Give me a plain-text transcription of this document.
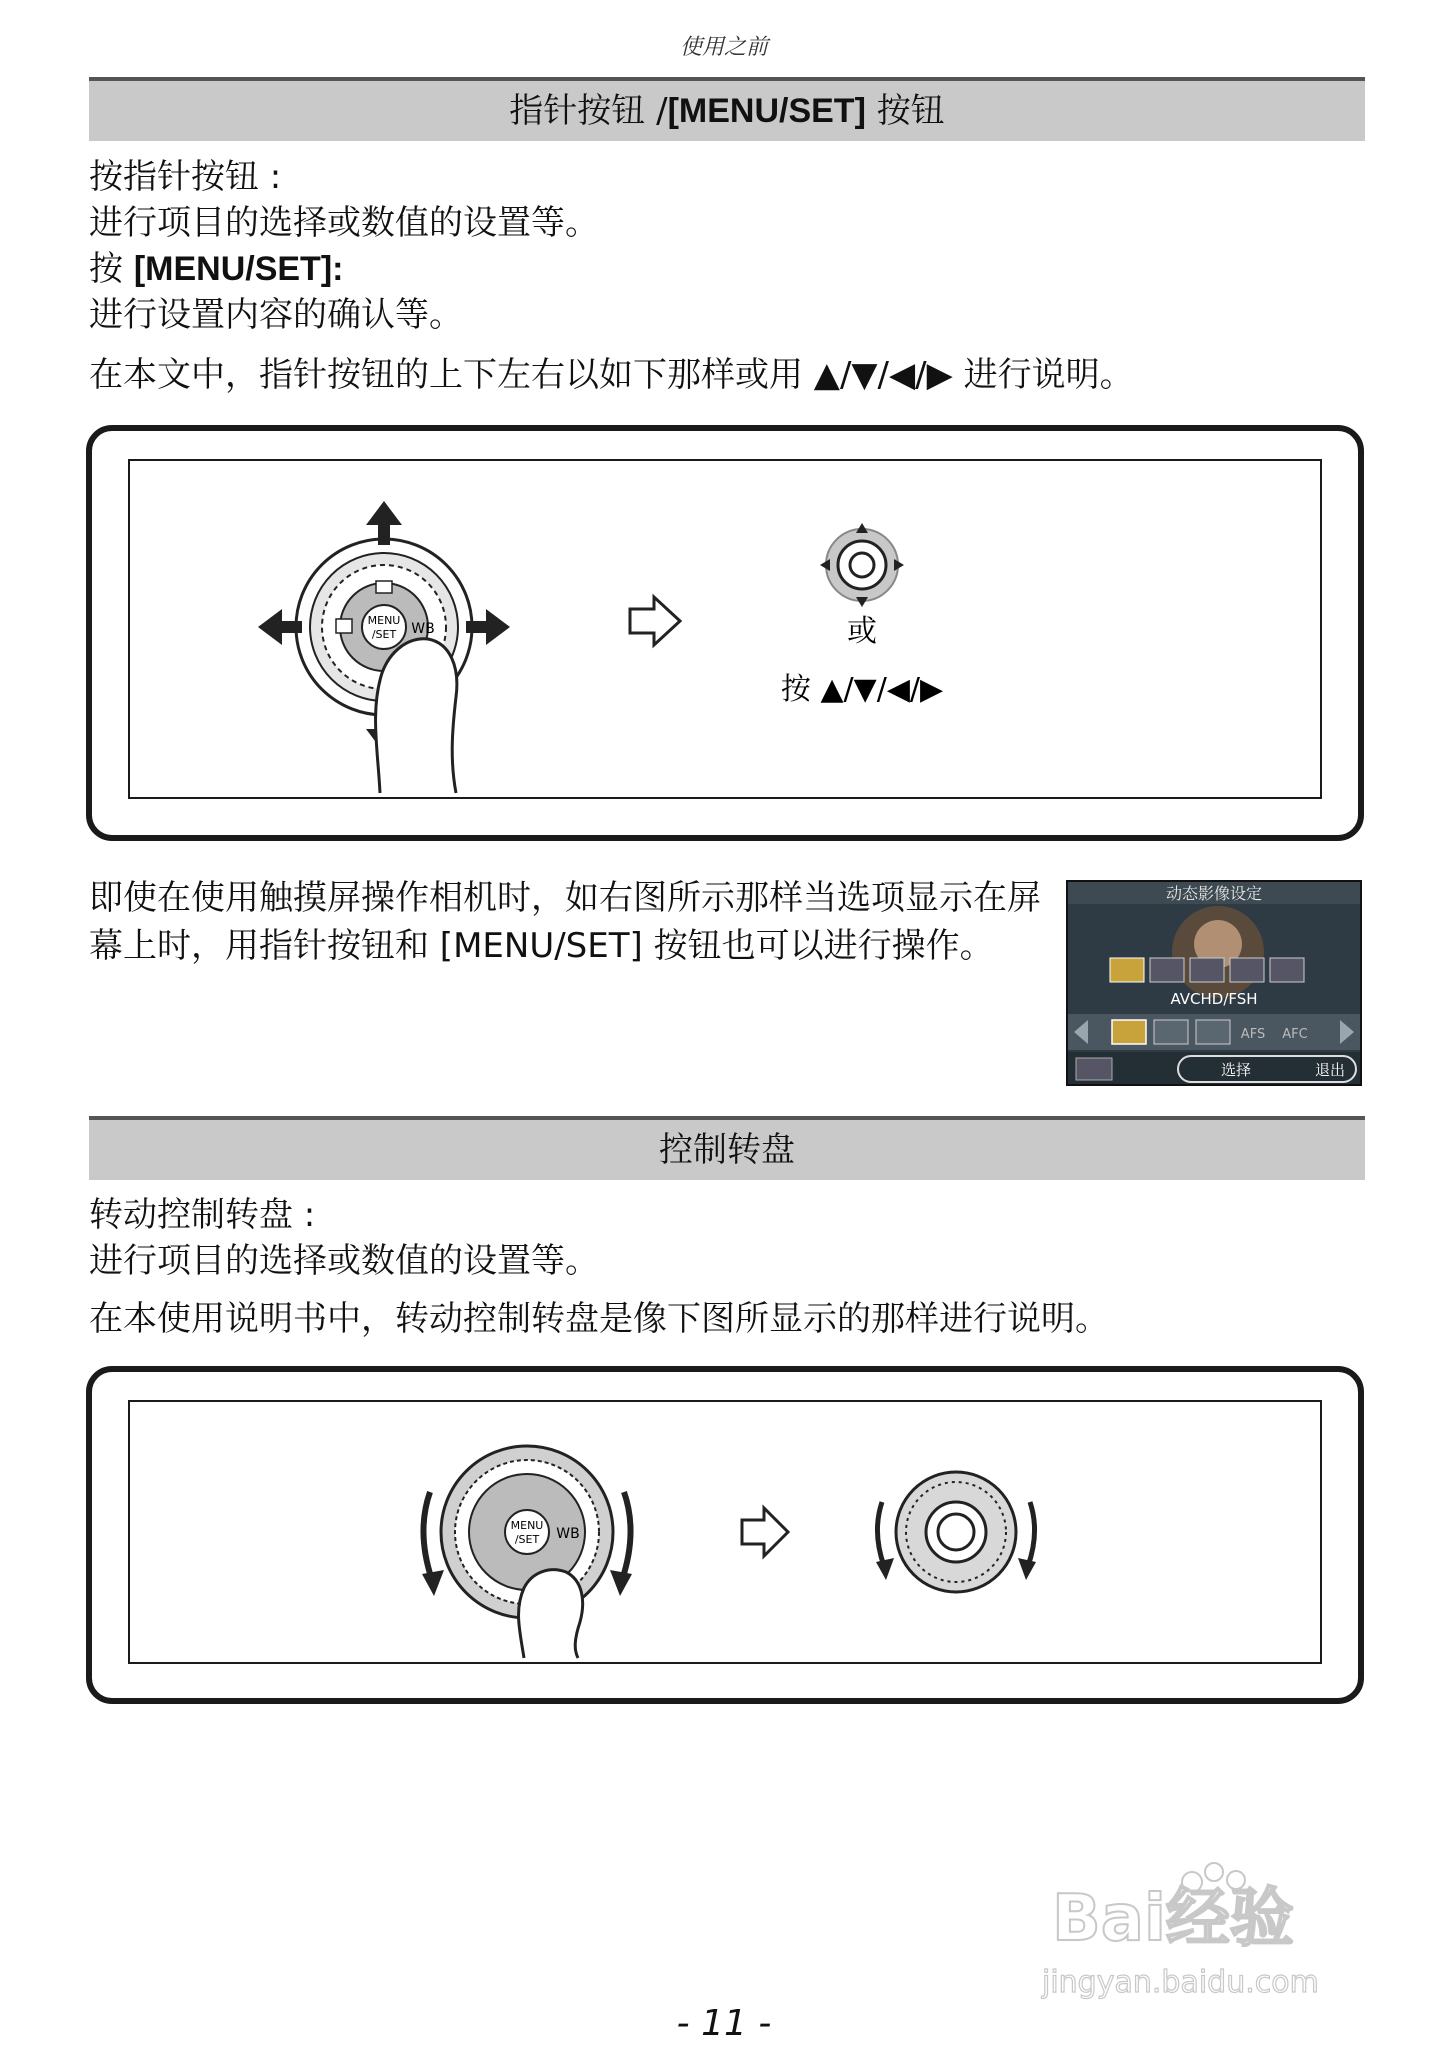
使用之前
指针按钮 /[MENU/SET] 按钮
按指针按钮 :
进行项目的选择或数值的设置等。
按 [MENU/SET]:
进行设置内容的确认等。
在本文中，指针按钮的上下左右以如下那样或用 ▲/▼/◀/▶ 进行说明。
MENU
/SET WB	或
按 ▲/▼/◀/▶
即使在使用触摸屏操作相机时，如右图所示那样当选项显示在屏幕上时，用指针按钮和 [MENU/SET] 按钮也可以进行操作。
动态影像设定
AVCHD/FSH
AFS AFC
选择	退出
控制转盘
转动控制转盘 :
进行项目的选择或数值的设置等。
在本使用说明书中，转动控制转盘是像下图所显示的那样进行说明。
MENU
/SET WB
Bai经验
jingyan.baidu.com
- 11 -
